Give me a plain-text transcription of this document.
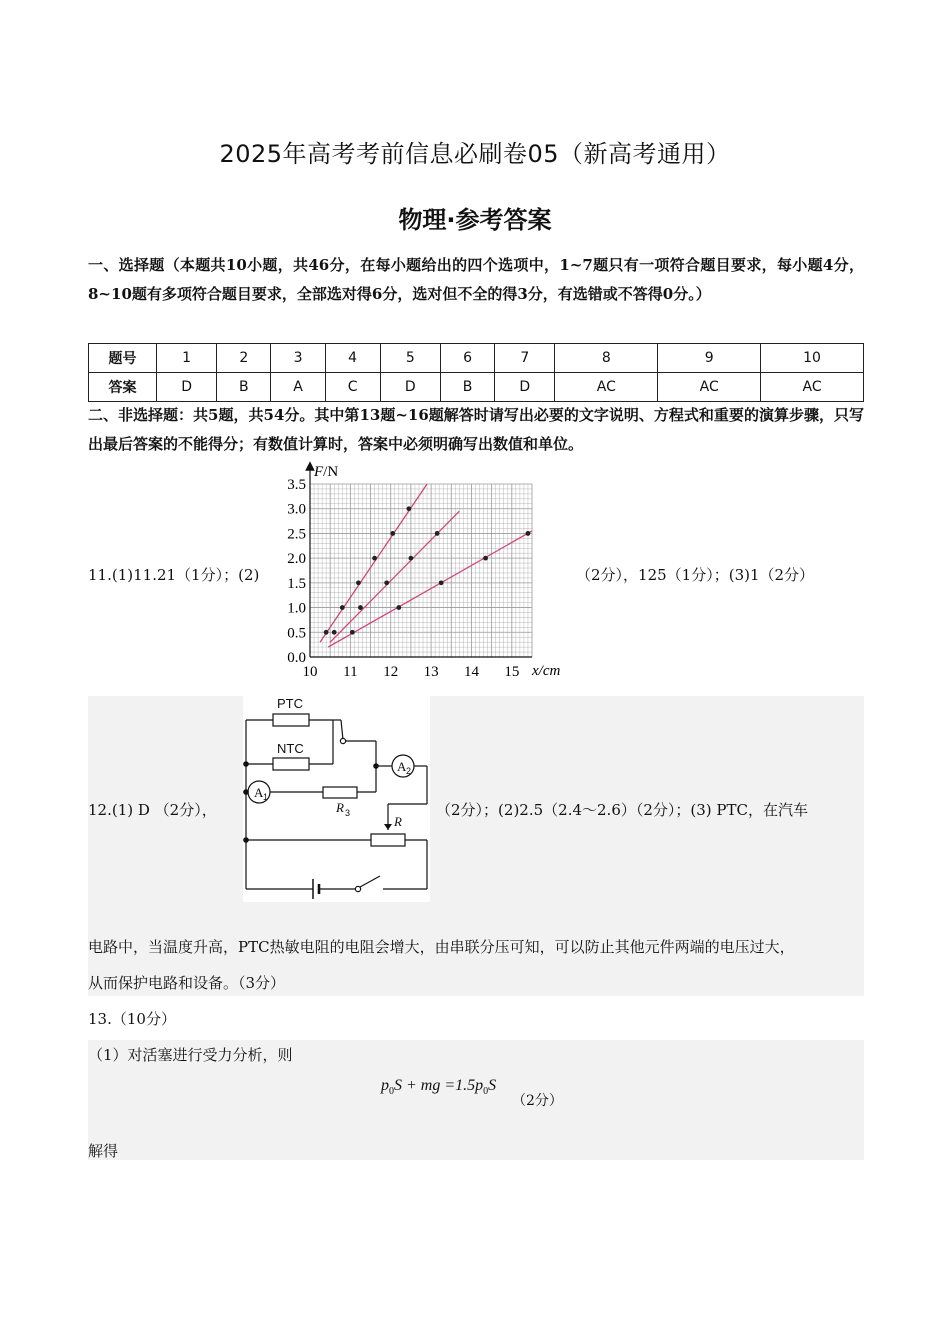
2025年高考考前信息必刷卷05（新高考通用）
物理·参考答案
一、选择题（本题共10小题，共46分，在每小题给出的四个选项中，1~7题只有一项符合题目要求，每小题4分，8~10题有多项符合题目要求，全部选对得6分，选对但不全的得3分，有选错或不答得0分。）
题号	1	2	3	4	5	6	7	8	9	10
答案	D	B	A	C	D	B	D	AC	AC	AC
二、非选择题：共5题，共54分。其中第13题~16题解答时请写出必要的文字说明、方程式和重要的演算步骤，只写出最后答案的不能得分；有数值计算时，答案中必须明确写出数值和单位。
11.(1)11.21（1分）；(2)	（2分），125（1分）；(3)1（2分）
0.0
0.5
1.0
1.5
2.0
2.5
3.0
3.5
10 11 12 13 14 15
F/N
x/cm
12.(1) D （2分），	（2分）；(2)2.5（2.4～2.6）（2分）；(3) PTC，在汽车
PTC
NTC
A 1
A 2
R 3
R
电路中，当温度升高，PTC热敏电阻的电阻会增大，由串联分压可知，可以防止其他元件两端的电压过大，
从而保护电路和设备。（3分）
13.（10分）
（1）对活塞进行受力分析，则
$p_0S$ + mg $=1.5p_0S$
（2分）
解得
